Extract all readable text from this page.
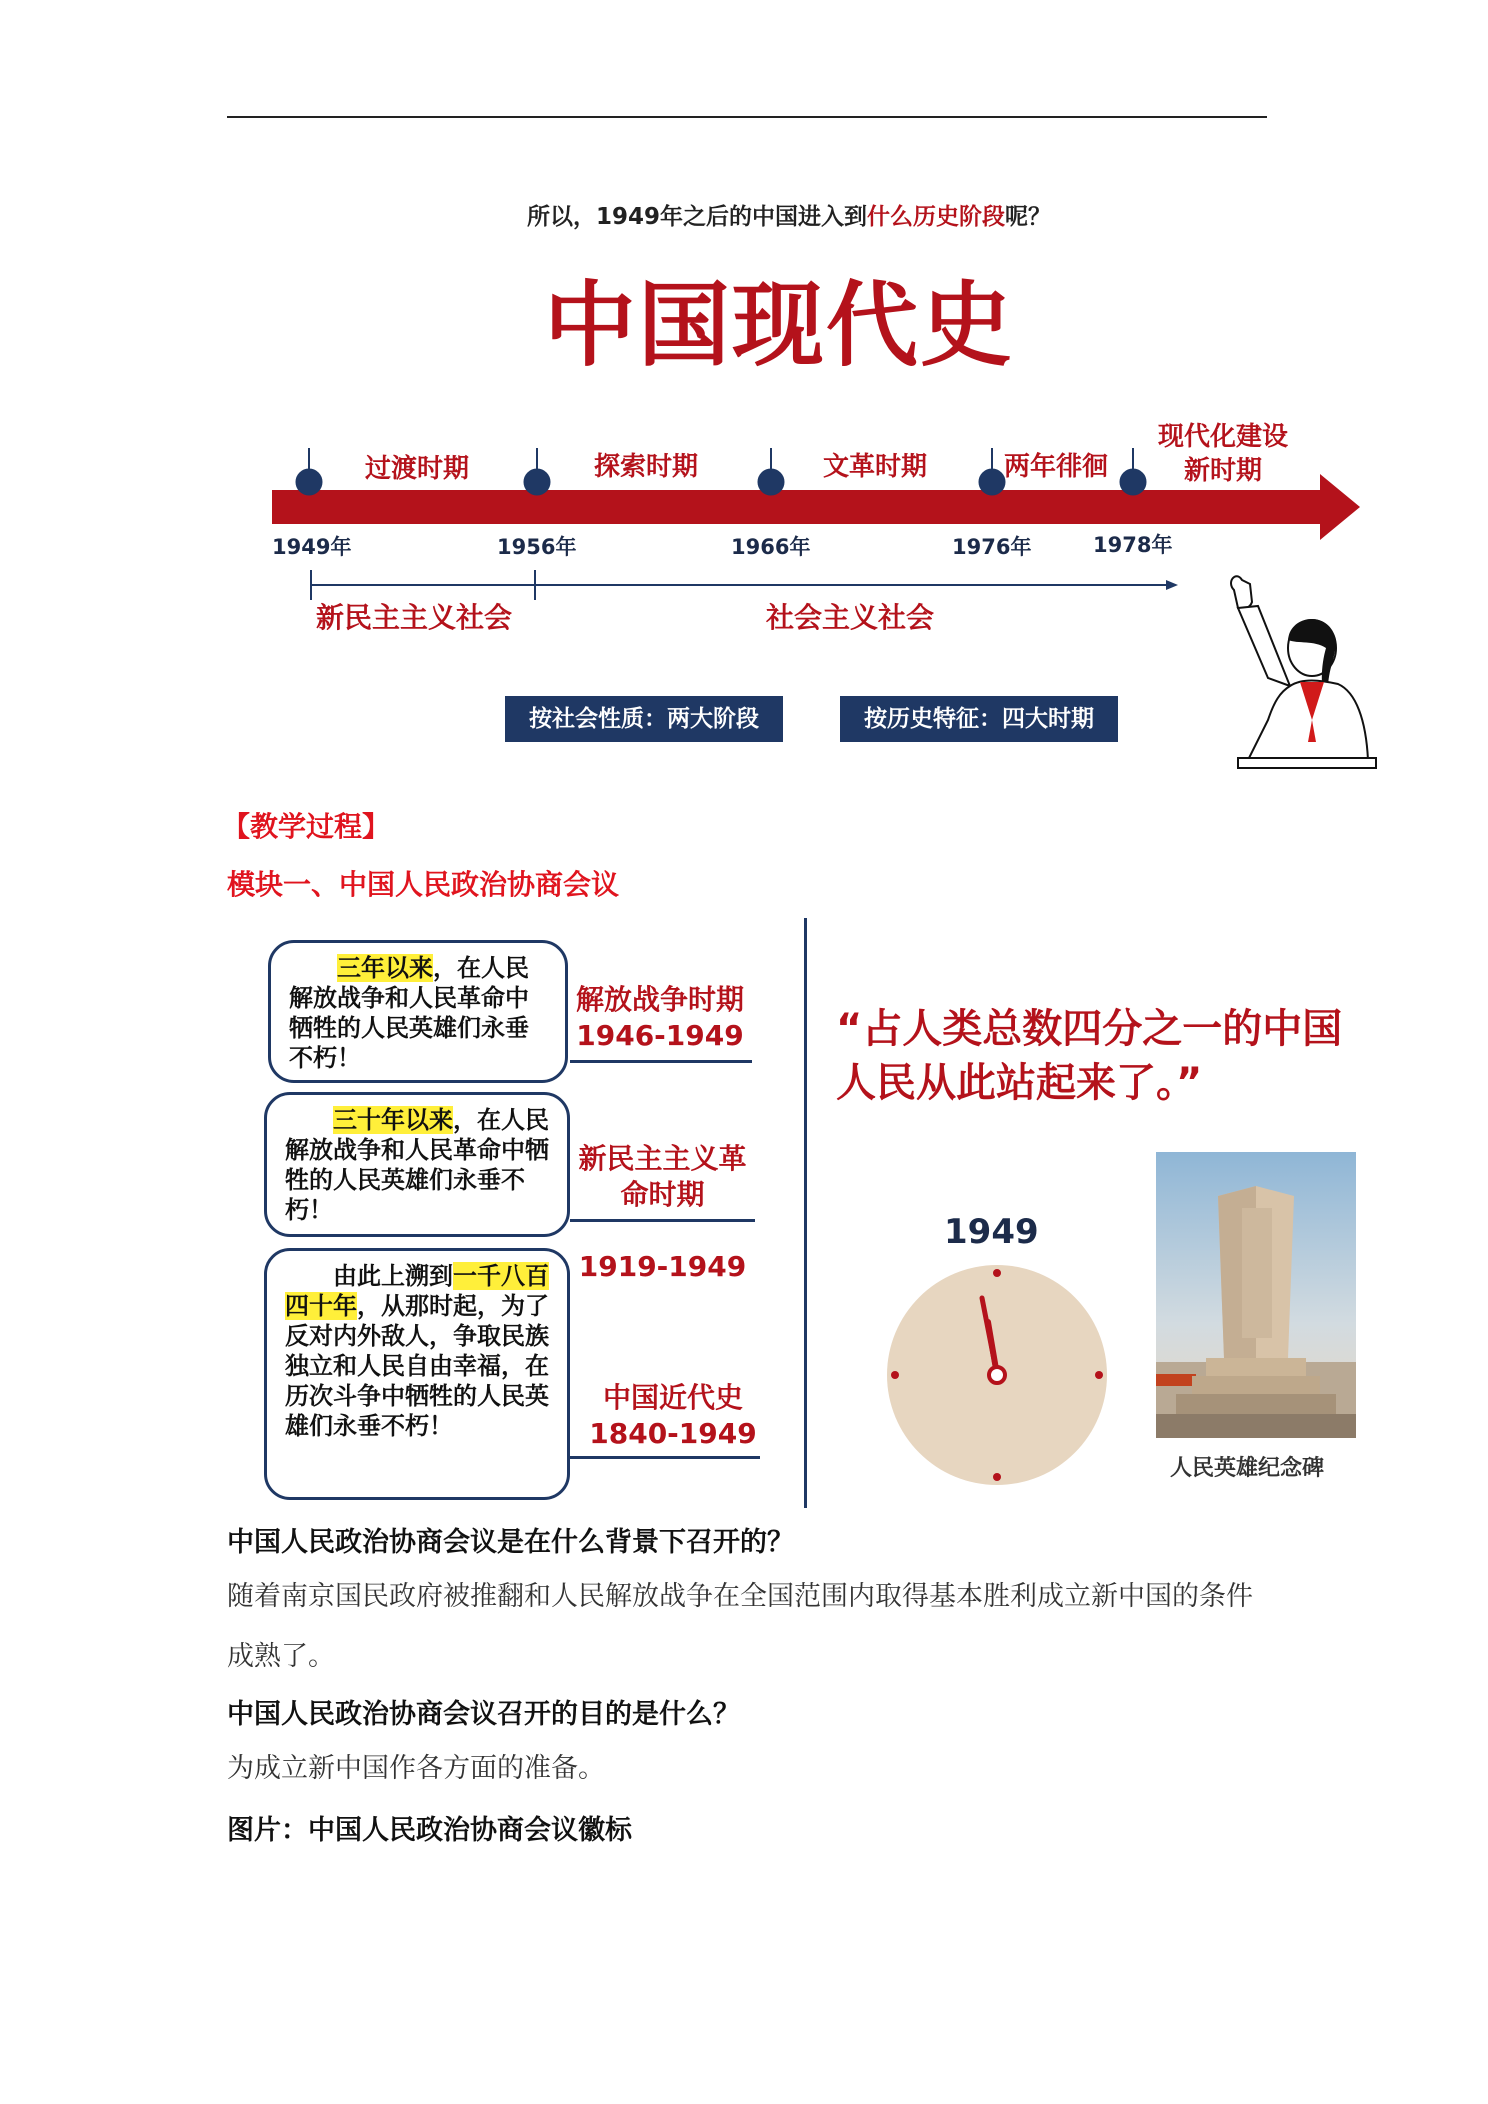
所以，1949年之后的中国进入到什么历史阶段呢？
中国现代史
过渡时期	探索时期	文革时期	两年徘徊
现代化建设
新时期
1949年	1956年	1966年	1976年	1978年
新民主主义社会	社会主义社会
按社会性质：两大阶段	按历史特征：四大时期
【教学过程】
模块一、中国人民政治协商会议
　　三年以来，在人民解放战争和人民革命中牺牲的人民英雄们永垂不朽！
　　三十年以来，在人民解放战争和人民革命中牺牲的人民英雄们永垂不朽！
　　由此上溯到一千八百四十年，从那时起，为了反对内外敌人，争取民族独立和人民自由幸福，在历次斗争中牺牲的人民英雄们永垂不朽！
解放战争时期
1946-1949

新民主主义革
命时期

1919-1949

中国近代史
1840-1949
“占人类总数四分之一的中国
人民从此站起来了。”
1949
人民英雄纪念碑
中国人民政治协商会议是在什么背景下召开的？
随着南京国民政府被推翻和人民解放战争在全国范围内取得基本胜利成立新中国的条件成熟了。
中国人民政治协商会议召开的目的是什么？
为成立新中国作各方面的准备。
图片：中国人民政治协商会议徽标
